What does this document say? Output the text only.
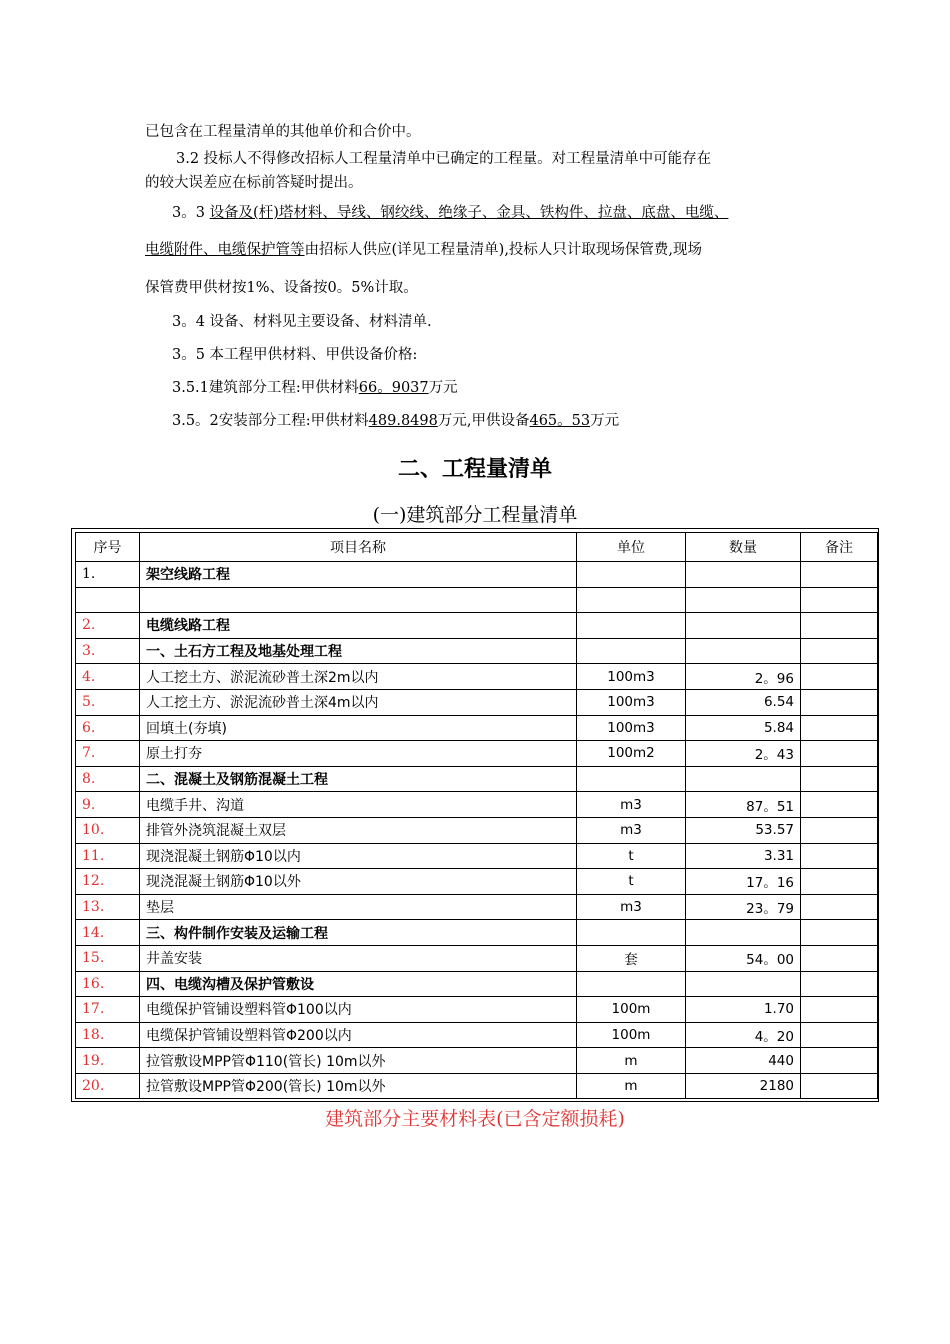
已包含在工程量清单的其他单价和合价中。
3.2 投标人不得修改招标人工程量清单中已确定的工程量。对工程量清单中可能存在
的较大误差应在标前答疑时提出。
3。3 设备及(杆)塔材料、导线、钢绞线、绝缘子、金具、铁构件、拉盘、底盘、电缆、
电缆附件、电缆保护管等由招标人供应(详见工程量清单),投标人只计取现场保管费,现场
保管费甲供材按1%、设备按0。5%计取。
3。4 设备、材料见主要设备、材料清单.
3。5 本工程甲供材料、甲供设备价格:
3.5.1建筑部分工程:甲供材料66。9037万元
3.5。2安装部分工程:甲供材料489.8498万元,甲供设备465。53万元
二、工程量清单
(一)建筑部分工程量清单
序号	项目名称	单位	数量	备注
1.	架空线路工程			

2.	电缆线路工程			
3.	一、土石方工程及地基处理工程			
4.	人工挖土方、淤泥流砂普土深2m以内	100m3	2。96	
5.	人工挖土方、淤泥流砂普土深4m以内	100m3	6.54	
6.	回填土(夯填)	100m3	5.84	
7.	原土打夯	100m2	2。43	
8.	二、混凝土及钢筋混凝土工程			
9.	电缆手井、沟道	m3	87。51	
10.	排管外浇筑混凝土双层	m3	53.57	
11.	现浇混凝土钢筋Φ10以内	t	3.31	
12.	现浇混凝土钢筋Φ10以外	t	17。16	
13.	垫层	m3	23。79	
14.	三、构件制作安装及运输工程			
15.	井盖安装	套	54。00	
16.	四、电缆沟槽及保护管敷设			
17.	电缆保护管铺设塑料管Φ100以内	100m	1.70	
18.	电缆保护管铺设塑料管Φ200以内	100m	4。20	
19.	拉管敷设MPP管Φ110(管长) 10m以外	m	440	
20.	拉管敷设MPP管Φ200(管长) 10m以外	m	2180	
建筑部分主要材料表(已含定额损耗)
